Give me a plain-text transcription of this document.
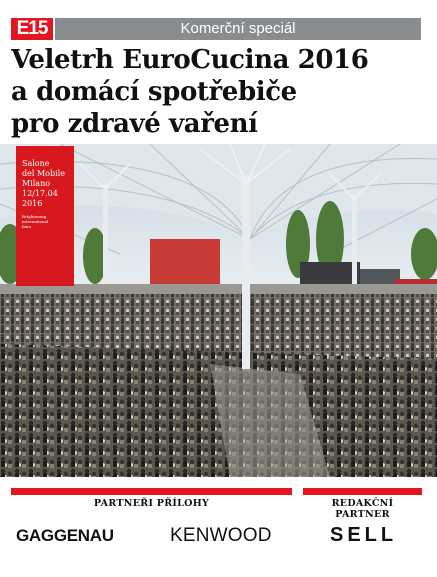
E15	Komerční speciál
Veletrh EuroCucina 2016
a domácí spotřebiče
pro zdravé vaření
Salone
del Mobile
Milano
12/17.04
2016
Brightening
international
fairs
PARTNEŘI PŘÍLOHY	REDAKČNÍ PARTNER
GAGGENAU	KENWOOD	SELL
